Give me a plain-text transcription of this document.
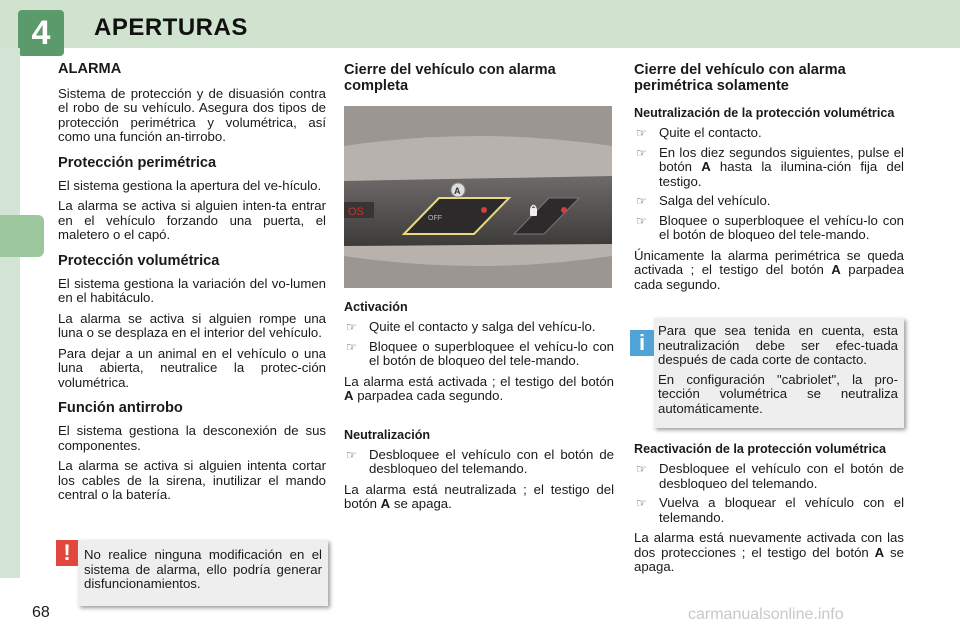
4	APERTURAS
ALARMA

Sistema de protección y de disuasión contra el robo de su vehículo. Asegura dos tipos de protección perimétrica y volumétrica, así como una función an-tirrobo.

Protección perimétrica

El sistema gestiona la apertura del ve-hículo.

La alarma se activa si alguien inten-ta entrar en el vehículo forzando una puerta, el maletero o el capó.

Protección volumétrica

El sistema gestiona la variación del vo-lumen en el habitáculo.

La alarma se activa si alguien rompe una luna o se desplaza en el interior del vehículo.

Para dejar a un animal en el vehículo o una luna abierta, neutralice la protec-ción volumétrica.

Función antirrobo

El sistema gestiona la desconexión de sus componentes.

La alarma se activa si alguien intenta cortar los cables de la sirena, inutilizar el mando central o la batería.

!	No realice ninguna modificación en el sistema de alarma, ello podría generar disfuncionamientos.
Cierre del vehículo con alarma completa
OS
A
OFF
Activación
☞ Quite el contacto y salga del vehícu-lo.
☞ Bloquee o superbloquee el vehícu-lo con el botón de bloqueo del tele-mando.

La alarma está activada ; el testigo del botón A parpadea cada segundo.

Neutralización
☞ Desbloquee el vehículo con el botón de desbloqueo del telemando.

La alarma está neutralizada ; el testigo del botón A se apaga.

Cierre del vehículo con alarma perimétrica solamente
Neutralización de la protección volumétrica
☞ Quite el contacto.
☞ En los diez segundos siguientes, pulse el botón A hasta la ilumina-ción fija del testigo.
☞ Salga del vehículo.
☞ Bloquee o superbloquee el vehícu-lo con el botón de bloqueo del tele-mando.

Únicamente la alarma perimétrica se queda activada ; el testigo del botón A parpadea cada segundo.

i Para que sea tenida en cuenta, esta neutralización debe ser efec-tuada después de cada corte de contacto.

En configuración "cabriolet", la pro-tección volumétrica se neutraliza automáticamente.

Reactivación de la protección volumétrica
☞ Desbloquee el vehículo con el botón de desbloqueo del telemando.
☞ Vuelva a bloquear el vehículo con el telemando.

La alarma está nuevamente activada con las dos protecciones ; el testigo del botón A se apaga.

68	carmanualsonline.info
